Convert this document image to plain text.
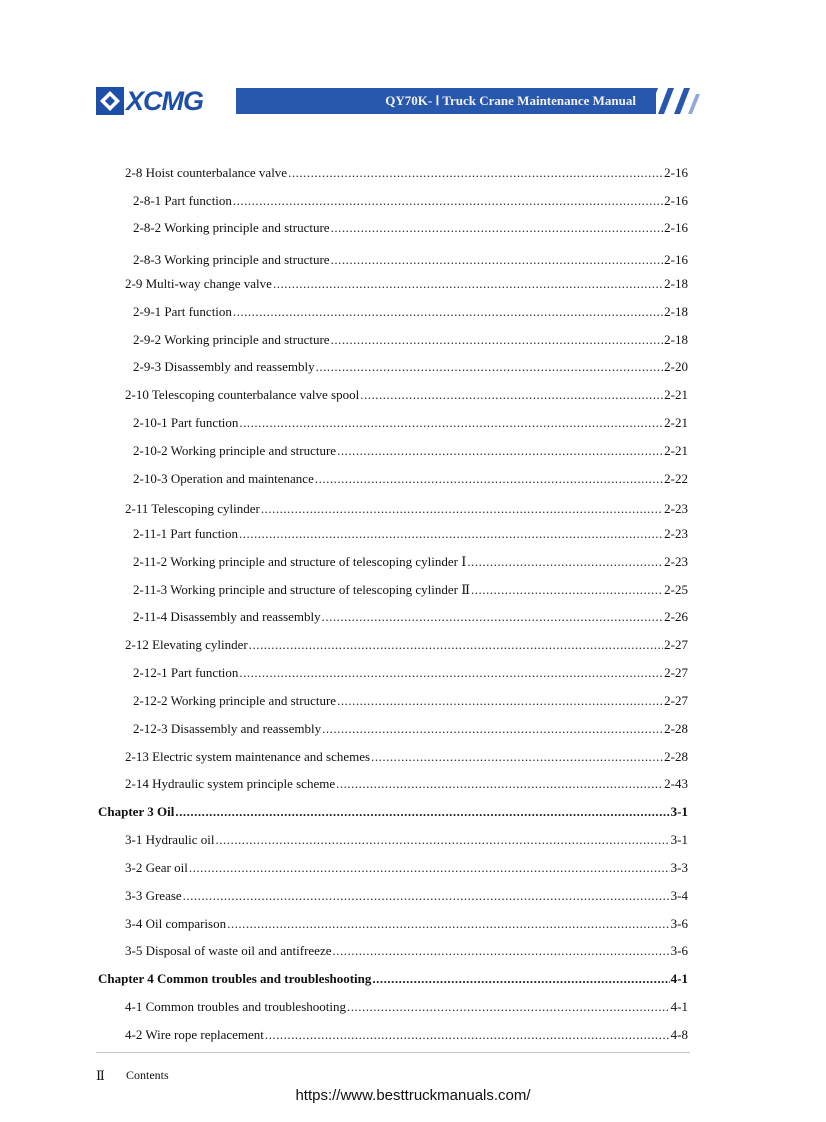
XCMG	QY70K- Ⅰ Truck Crane Maintenance Manual
2-8 Hoist counterbalance valve .....	2-16
2-8-1 Part function .....	2-16
2-8-2 Working principle and structure .....	2-16
2-8-3 Working principle and structure .....	2-16
2-9 Multi-way change valve .....	2-18
2-9-1 Part function .....	2-18
2-9-2 Working principle and structure .....	2-18
2-9-3 Disassembly and reassembly .....	2-20
2-10 Telescoping counterbalance valve spool .....	2-21
2-10-1 Part function .....	2-21
2-10-2 Working principle and structure .....	2-21
2-10-3 Operation and maintenance .....	2-22
2-11 Telescoping cylinder .....	2-23
2-11-1 Part function .....	2-23
2-11-2 Working principle and structure of telescoping cylinder Ⅰ .....	2-23
2-11-3 Working principle and structure of telescoping cylinder Ⅱ .....	2-25
2-11-4 Disassembly and reassembly .....	2-26
2-12 Elevating cylinder .....	2-27
2-12-1 Part function .....	2-27
2-12-2 Working principle and structure .....	2-27
2-12-3 Disassembly and reassembly .....	2-28
2-13 Electric system maintenance and schemes .....	2-28
2-14 Hydraulic system principle scheme .....	2-43
Chapter 3 Oil .....	3-1
3-1 Hydraulic oil .....	3-1
3-2 Gear oil .....	3-3
3-3 Grease .....	3-4
3-4 Oil comparison .....	3-6
3-5 Disposal of waste oil and antifreeze .....	3-6
Chapter 4 Common troubles and troubleshooting .....	4-1
4-1 Common troubles and troubleshooting .....	4-1
4-2 Wire rope replacement .....	4-8
Ⅱ Contents
https://www.besttruckmanuals.com/
